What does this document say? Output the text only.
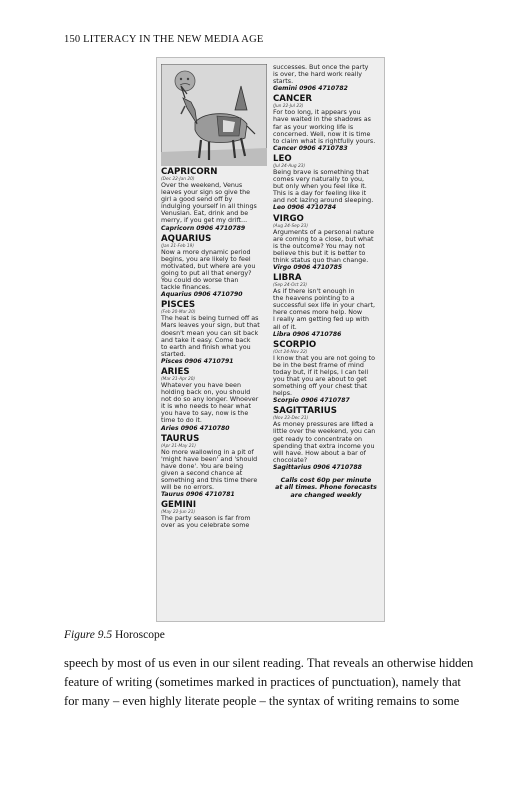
150 LITERACY IN THE NEW MEDIA AGE
CAPRICORN
(Dec 22-Jan 20)
Over the weekend, Venus
leaves your sign so give the
girl a good send off by
indulging yourself in all things
Venusian. Eat, drink and be
merry, if you get my drift...
Capricorn 0906 4710789
AQUARIUS
(Jan 21-Feb 19)
Now a more dynamic period
begins, you are likely to feel
motivated, but where are you
going to put all that energy?
You could do worse than
tackle finances.
Aquarius 0906 4710790
PISCES
(Feb 20-Mar 20)
The heat is being turned off as
Mars leaves your sign, but that
doesn't mean you can sit back
and take it easy. Come back
to earth and finish what you
started.
Pisces 0906 4710791
ARIES
(Mar 21-Apr 20)
Whatever you have been
holding back on, you should
not do so any longer. Whoever
it is who needs to hear what
you have to say, now is the
time to do it.
Aries 0906 4710780
TAURUS
(Apr 21-May 21)
No more wallowing in a pit of
'might have been' and 'should
have done'. You are being
given a second chance at
something and this time there
will be no errors.
Taurus 0906 4710781
GEMINI
(May 22-Jun 21)
The party season is far from
over as you celebrate some
successes. But once the party
is over, the hard work really
starts.
Gemini 0906 4710782
CANCER
(Jun 22-Jul 23)
For too long, it appears you
have waited in the shadows as
far as your working life is
concerned. Well, now it is time
to claim what is rightfully yours.
Cancer 0906 4710783
LEO
(Jul 24-Aug 23)
Being brave is something that
comes very naturally to you,
but only when you feel like it.
This is a day for feeling like it
and not lazing around sleeping.
Leo 0906 4710784
VIRGO
(Aug 24-Sep 23)
Arguments of a personal nature
are coming to a close, but what
is the outcome? You may not
believe this but it is better to
think status quo than change.
Virgo 0906 4710785
LIBRA
(Sep 24-Oct 23)
As if there isn't enough in
the heavens pointing to a
successful sex life in your chart,
here comes more help. Now
I really am getting fed up with
all of it.
Libra 0906 4710786
SCORPIO
(Oct 24-Nov 22)
I know that you are not going to
be in the best frame of mind
today but, if it helps, I can tell
you that you are about to get
something off your chest that
helps.
Scorpio 0906 4710787
SAGITTARIUS
(Nov 23-Dec 21)
As money pressures are lifted a
little over the weekend, you can
get ready to concentrate on
spending that extra income you
will have. How about a bar of
chocolate?
Sagittarius 0906 4710788
Calls cost 60p per minute
at all times. Phone forecasts
are changed weekly
Figure 9.5 Horoscope
speech by most of us even in our silent reading. That reveals an otherwise hidden
feature of writing (sometimes marked in practices of punctuation), namely that
for many – even highly literate people – the syntax of writing remains to some
